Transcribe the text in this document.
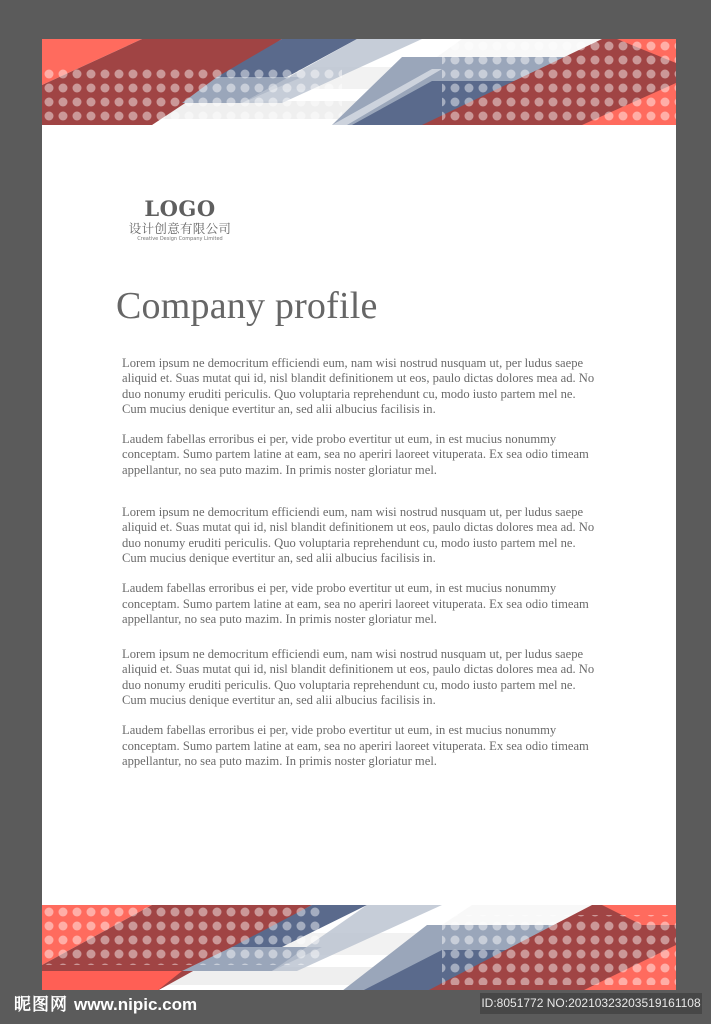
LOGO
设计创意有限公司
Creative Design Company Limited
Company profile

Lorem ipsum ne democritum efficiendi eum, nam wisi nostrud nusquam ut, per ludus saepe aliquid et. Suas mutat qui id, nisl blandit definitionem ut eos, paulo dictas dolores mea ad. No duo nonumy eruditi periculis. Quo voluptaria reprehendunt cu, modo iusto partem mel ne. Cum mucius denique evertitur an, sed alii albucius facilisis in.

Laudem fabellas erroribus ei per, vide probo evertitur ut eum, in est mucius nonummy conceptam. Sumo partem latine at eam, sea no aperiri laoreet vituperata. Ex sea odio timeam appellantur, no sea puto mazim. In primis noster gloriatur mel.

Lorem ipsum ne democritum efficiendi eum, nam wisi nostrud nusquam ut, per ludus saepe aliquid et. Suas mutat qui id, nisl blandit definitionem ut eos, paulo dictas dolores mea ad. No duo nonumy eruditi periculis. Quo voluptaria reprehendunt cu, modo iusto partem mel ne. Cum mucius denique evertitur an, sed alii albucius facilisis in.

Laudem fabellas erroribus ei per, vide probo evertitur ut eum, in est mucius nonummy conceptam. Sumo partem latine at eam, sea no aperiri laoreet vituperata. Ex sea odio timeam appellantur, no sea puto mazim. In primis noster gloriatur mel.

Lorem ipsum ne democritum efficiendi eum, nam wisi nostrud nusquam ut, per ludus saepe aliquid et. Suas mutat qui id, nisl blandit definitionem ut eos, paulo dictas dolores mea ad. No duo nonumy eruditi periculis. Quo voluptaria reprehendunt cu, modo iusto partem mel ne. Cum mucius denique evertitur an, sed alii albucius facilisis in.

Laudem fabellas erroribus ei per, vide probo evertitur ut eum, in est mucius nonummy conceptam. Sumo partem latine at eam, sea no aperiri laoreet vituperata. Ex sea odio timeam appellantur, no sea puto mazim. In primis noster gloriatur mel.

昵图网 www.nipic.com	ID:8051772 NO:20210323203519161108
